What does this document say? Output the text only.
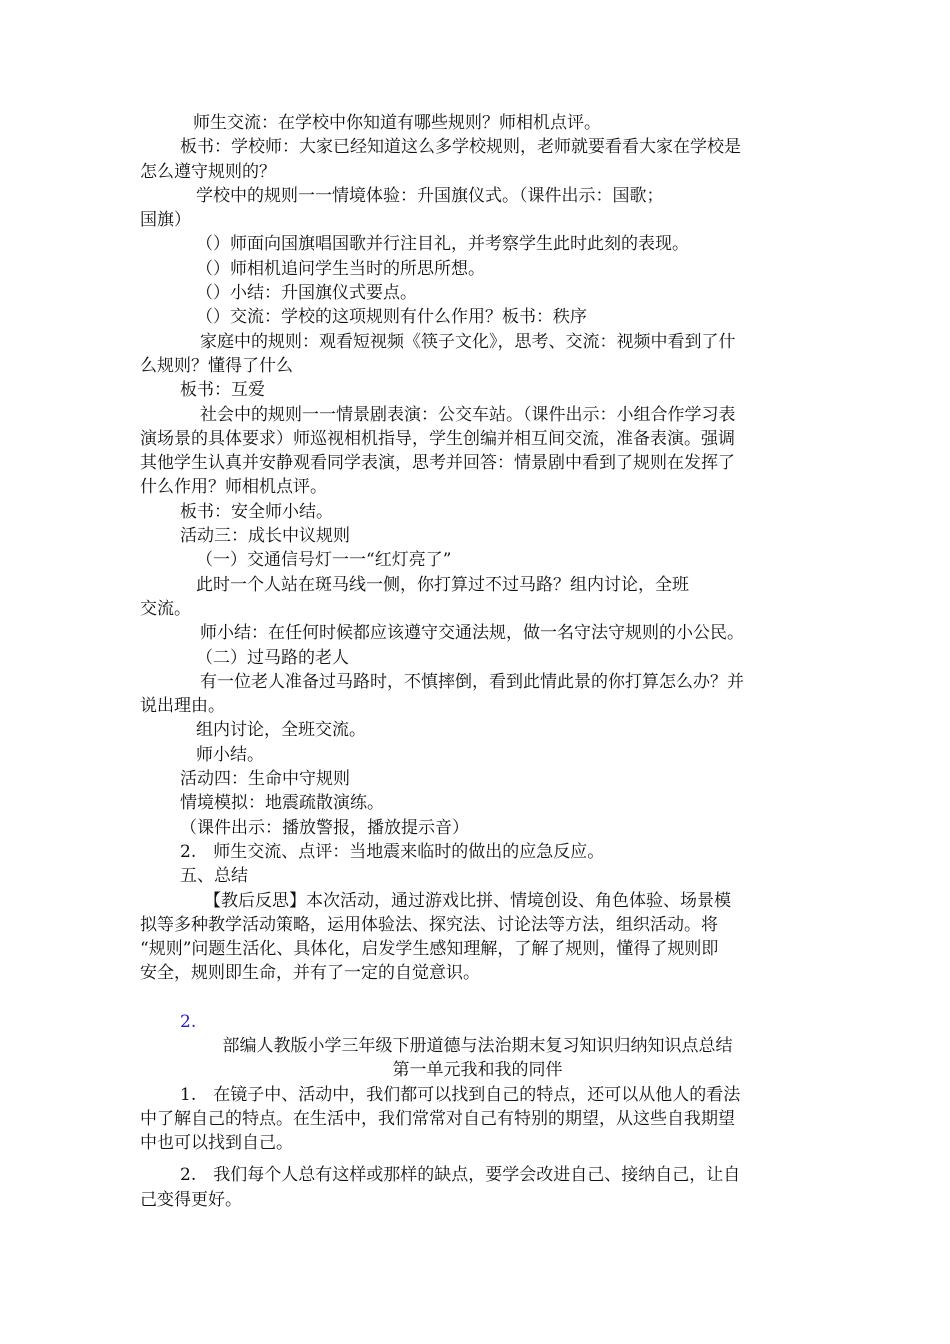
师生交流：在学校中你知道有哪些规则？师相机点评。

板书：学校师：大家已经知道这么多学校规则，老师就要看看大家在学校是

怎么遵守规则的？

学校中的规则一一情境体验：升国旗仪式。（课件出示：国歌；

国旗）

（）师面向国旗唱国歌并行注目礼，并考察学生此时此刻的表现。

（）师相机追问学生当时的所思所想。

（）小结：升国旗仪式要点。

（）交流：学校的这项规则有什么作用？板书：秩序

家庭中的规则：观看短视频《筷子文化》，思考、交流：视频中看到了什

么规则？懂得了什么

板书：互爱

社会中的规则一一情景剧表演：公交车站。（课件出示：小组合作学习表

演场景的具体要求）师巡视相机指导，学生创编并相互间交流，准备表演。强调

其他学生认真并安静观看同学表演，思考并回答：情景剧中看到了规则在发挥了

什么作用？师相机点评。

板书：安全师小结。

活动三：成长中议规则

（一）交通信号灯一一“红灯亮了”

此时一个人站在斑马线一侧，你打算过不过马路？组内讨论，全班

交流。

师小结：在任何时候都应该遵守交通法规，做一名守法守规则的小公民。

（二）过马路的老人

有一位老人准备过马路时，不慎摔倒，看到此情此景的你打算怎么办？并

说出理由。

组内讨论，全班交流。

师小结。

活动四：生命中守规则

情境模拟：地震疏散演练。

（课件出示：播放警报，播放提示音）

2.　师生交流、点评：当地震来临时的做出的应急反应。

五、总结

【教后反思】本次活动，通过游戏比拼、情境创设、角色体验、场景模

拟等多种教学活动策略，运用体验法、探究法、讨论法等方法，组织活动。将

“规则”问题生活化、具体化，启发学生感知理解，了解了规则，懂得了规则即

安全，规则即生命，并有了一定的自觉意识。

2.

部编人教版小学三年级下册道德与法治期末复习知识归纳知识点总结

第一单元我和我的同伴

1.　在镜子中、活动中，我们都可以找到自己的特点，还可以从他人的看法

中了解自己的特点。在生活中，我们常常对自己有特别的期望，从这些自我期望

中也可以找到自己。

2.　我们每个人总有这样或那样的缺点，要学会改进自己、接纳自己，让自

己变得更好。
